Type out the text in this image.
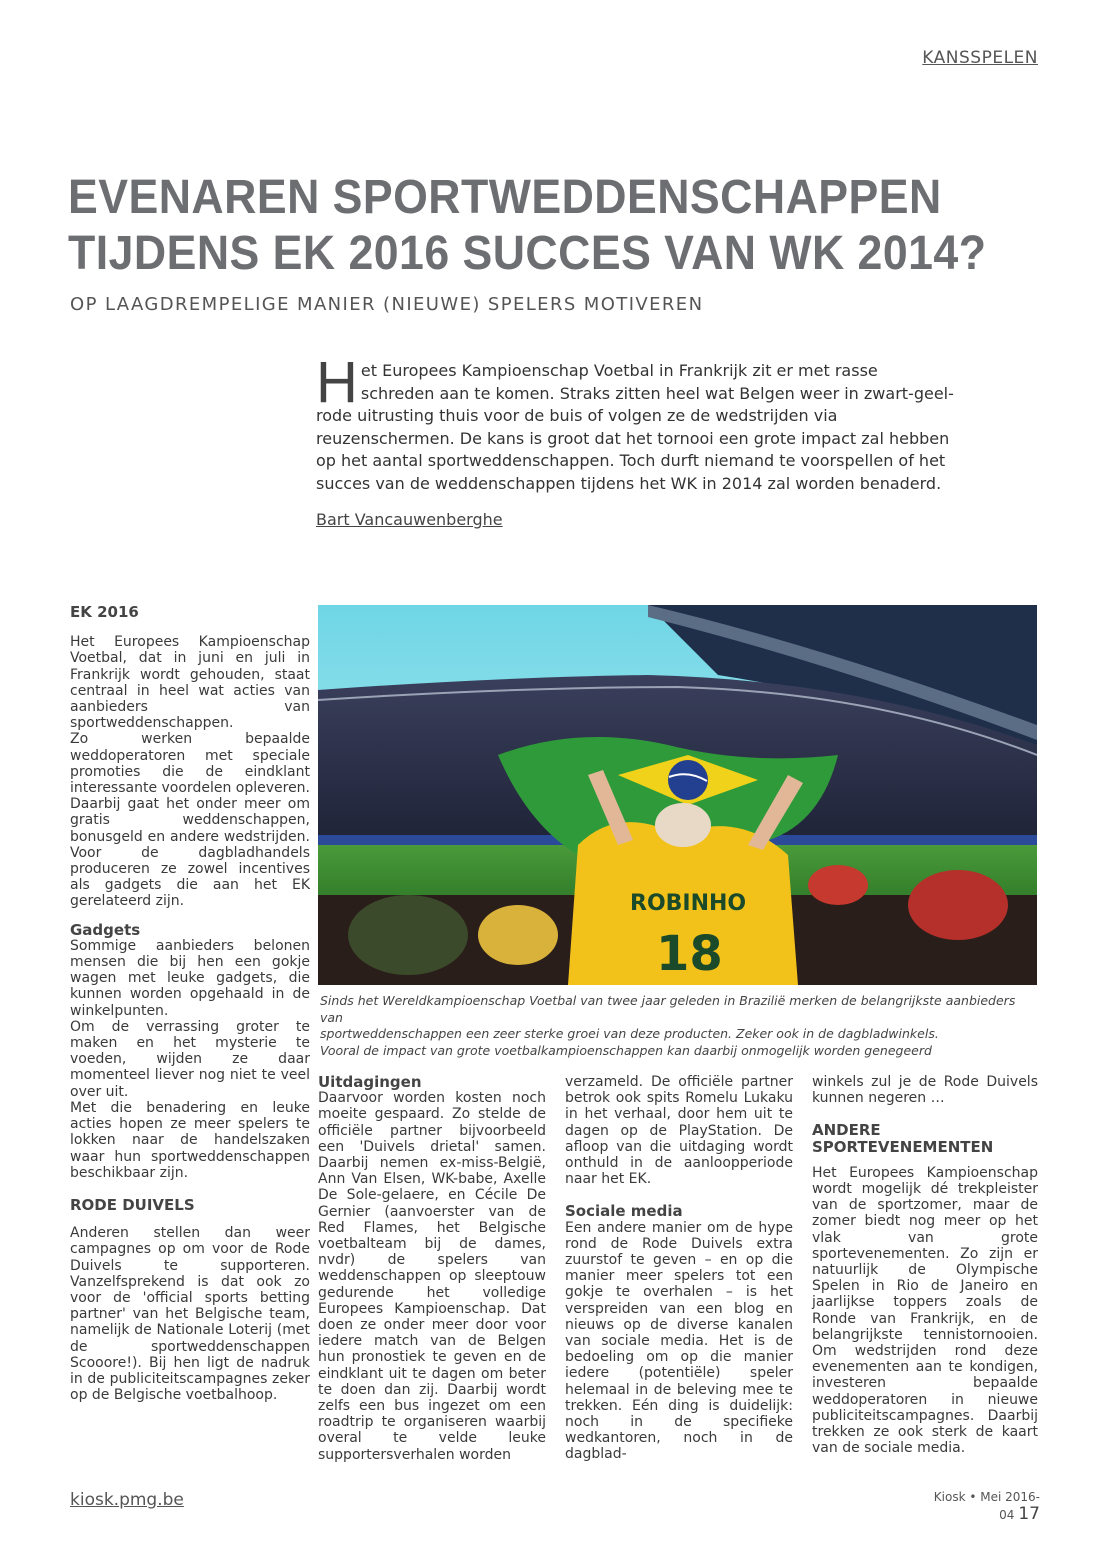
KANSSPELEN
EVENAREN SPORTWEDDENSCHAPPEN
TIJDENS EK 2016 SUCCES VAN WK 2014?
OP LAAGDREMPELIGE MANIER (NIEUWE) SPELERS MOTIVEREN
H et Europees Kampioenschap Voetbal in Frankrijk zit er met rasse schreden aan te komen. Straks zitten heel wat Belgen weer in zwart-geel-rode uitrusting thuis voor de buis of volgen ze de wedstrijden via reuzenschermen. De kans is groot dat het tornooi een grote impact zal hebben op het aantal sportweddenschappen. Toch durft niemand te voorspellen of het succes van de weddenschappen tijdens het WK in 2014 zal worden benaderd.
Bart Vancauwenberghe
EK 2016

Het Europees Kampioenschap Voetbal, dat in juni en juli in Frankrijk wordt gehouden, staat centraal in heel wat acties van aanbieders van sportweddenschappen.

Zo werken bepaalde weddoperatoren met speciale promoties die de eindklant interessante voordelen opleveren. Daarbij gaat het onder meer om gratis weddenschappen, bonusgeld en andere wedstrijden. Voor de dagbladhandels produceren ze zowel incentives als gadgets die aan het EK gerelateerd zijn.

Gadgets

Sommige aanbieders belonen mensen die bij hen een gokje wagen met leuke gadgets, die kunnen worden opgehaald in de winkelpunten.

Om de verrassing groter te maken en het mysterie te voeden, wijden ze daar momenteel liever nog niet te veel over uit.

Met die benadering en leuke acties hopen ze meer spelers te lokken naar de handelszaken waar hun sportweddenschappen beschikbaar zijn.

RODE DUIVELS

Anderen stellen dan weer campagnes op om voor de Rode Duivels te supporteren. Vanzelfsprekend is dat ook zo voor de 'official sports betting partner' van het Belgische team, namelijk de Nationale Loterij (met de sportweddenschappen Scooore!). Bij hen ligt de nadruk in de publiciteitscampagnes zeker op de Belgische voetbalhoop.

ROBINHO
18
Sinds het Wereldkampioenschap Voetbal van twee jaar geleden in Brazilië merken de belangrijkste aanbieders van
sportweddenschappen een zeer sterke groei van deze producten. Zeker ook in de dagbladwinkels.
Vooral de impact van grote voetbalkampioenschappen kan daarbij onmogelijk worden genegeerd
Uitdagingen

Daarvoor worden kosten noch moeite gespaard. Zo stelde de officiële partner bijvoorbeeld een 'Duivels drietal' samen. Daarbij nemen ex-miss-België, Ann Van Elsen, WK-babe, Axelle De Sole-gelaere, en Cécile De Gernier (aanvoerster van de Red Flames, het Belgische voetbalteam bij de dames, nvdr) de spelers van weddenschappen op sleeptouw gedurende het volledige Europees Kampioenschap. Dat doen ze onder meer door voor iedere match van de Belgen hun pronostiek te geven en de eindklant uit te dagen om beter te doen dan zij. Daarbij wordt zelfs een bus ingezet om een roadtrip te organiseren waarbij overal te velde leuke supportersverhalen worden

verzameld. De officiële partner betrok ook spits Romelu Lukaku in het verhaal, door hem uit te dagen op de PlayStation. De afloop van die uitdaging wordt onthuld in de aanloopperiode naar het EK.

Sociale media

Een andere manier om de hype rond de Rode Duivels extra zuurstof te geven – en op die manier meer spelers tot een gokje te overhalen – is het verspreiden van een blog en nieuws op de diverse kanalen van sociale media. Het is de bedoeling om op die manier iedere (potentiële) speler helemaal in de beleving mee te trekken. Eén ding is duidelijk: noch in de specifieke wedkantoren, noch in de dagblad-

winkels zul je de Rode Duivels kunnen negeren …

ANDERE
SPORTEVENEMENTEN

Het Europees Kampioenschap wordt mogelijk dé trekpleister van de sportzomer, maar de zomer biedt nog meer op het vlak van grote sportevenementen. Zo zijn er natuurlijk de Olympische Spelen in Rio de Janeiro en jaarlijkse toppers zoals de Ronde van Frankrijk, en de belangrijkste tennistornooien. Om wedstrijden rond deze evenementen aan te kondigen, investeren bepaalde weddoperatoren in nieuwe publiciteitscampagnes. Daarbij trekken ze ook sterk de kaart van de sociale media.

kiosk.pmg.be	Kiosk • Mei 2016-04 17
